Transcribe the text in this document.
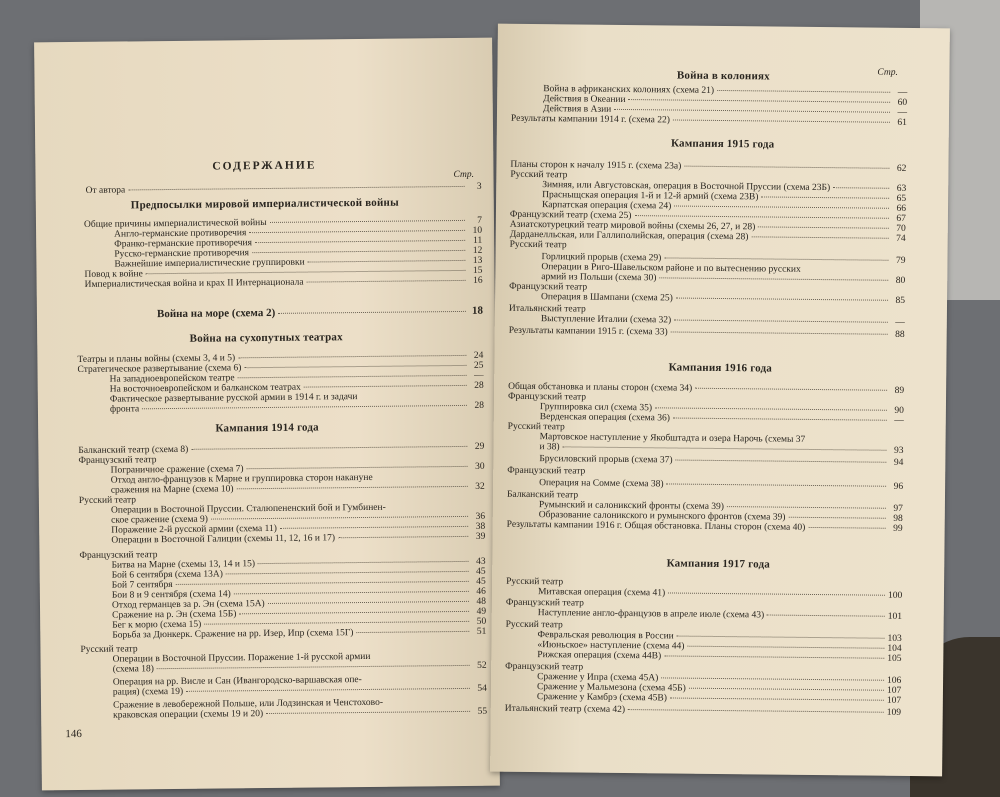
СОДЕРЖАНИЕ
Стр.
От автора	3
Предпосылки мировой империалистической войны
Общие причины империалистической войны	7
Англо-германские противоречия	10
Франко-германские противоречия	11
Русско-германские противоречия	12
Важнейшие империалистические группировки	13
Повод к войне	15
Империалистическая война и крах II Интернационала	16
Война на море (схема 2)	18
Война на сухопутных театрах
Театры и планы войны (схемы 3, 4 и 5)	24
Стратегическое развертывание (схема 6)	25
На западноевропейском театре	—
На восточноевропейском и балканском театрах	28
Фактическое развертывание русской армии в 1914 г. и задачи
фронта	28
Кампания 1914 года
Балканский театр (схема 8)	29
Французский театр
Пограничное сражение (схема 7)	30
Отход англо-французов к Марне и группировка сторон накануне
сражения на Марне (схема 10)	32
Русский театр
Операции в Восточной Пруссии. Сталюпененский бой и Гумбинен-
ское сражение (схема 9)	36
Поражение 2-й русской армии (схема 11)	38
Операции в Восточной Галиции (схемы 11, 12, 16 и 17)	39
Французский театр
Битва на Марне (схемы 13, 14 и 15)	43
Бой 6 сентября (схема 13А)	45
Бой 7 сентября	45
Бои 8 и 9 сентября (схема 14)	46
Отход германцев за р. Эн (схема 15А)	48
Сражение на р. Эн (схема 15Б)	49
Бег к морю (схема 15)	50
Борьба за Дюнкерк. Сражение на рр. Изер, Ипр (схема 15Г)	51
Русский театр
Операции в Восточной Пруссии. Поражение 1-й русской армии
(схема 18)	52
Операция на рр. Висле и Сан (Ивангородско-варшавская опе-
рация) (схема 19)	54
Сражение в левобережной Польше, или Лодзинская и Ченстохово-
краковская операции (схемы 19 и 20)	55
146
Война в колониях	Стр.
Война в африканских колониях (схема 21)	—
Действия в Океании	60
Действия в Азии	—
Результаты кампании 1914 г. (схема 22)	61
Кампания 1915 года
Планы сторон к началу 1915 г. (схема 23а)	62
Русский театр
Зимняя, или Августовская, операция в Восточной Пруссии (схема 23Б)	63
Прасныщская операция 1-й и 12-й армий (схема 23В)	65
Карпатская операция (схема 24)	66
Французский театр (схема 25)	67
Азиатскотурецкий театр мировой войны (схемы 26, 27, и 28)	70
Дарданелльская, или Галлиполийская, операция (схема 28)	74
Русский театр
Горлицкий прорыв (схема 29)	79
Операции в Риго-Шавельском районе и по вытеснению русских
армий из Польши (схема 30)	80
Французский театр
Операция в Шампани (схема 25)	85
Итальянский театр
Выступление Италии (схема 32)	—
Результаты кампании 1915 г. (схема 33)	88
Кампания 1916 года
Общая обстановка и планы сторон (схема 34)	89
Французский театр
Группировка сил (схема 35)	90
Верденская операция (схема 36)	—
Русский театр
Мартовское наступление у Якобштадта и озера Нарочь (схемы 37
и 38)	93
Брусиловский прорыв (схема 37)	94
Французский театр
Операция на Сомме (схема 38)	96
Балканский театр
Румынский и салоникский фронты (схема 39)	97
Образование салоникского и румынского фронтов (схема 39)	98
Результаты кампании 1916 г. Общая обстановка. Планы сторон (схема 40)	99
Кампания 1917 года
Русский театр
Митавская операция (схема 41)	100
Французский театр
Наступление англо-французов в апреле июле (схема 43)	101
Русский театр
Февральская революция в России	103
«Июньское» наступление (схема 44)	104
Рижская операция (схема 44В)	105
Французский театр
Сражение у Ипра (схема 45А)	106
Сражение у Мальмезона (схема 45Б)	107
Сражение у Камбрэ (схема 45В)	107
Итальянский театр (схема 42)	109
